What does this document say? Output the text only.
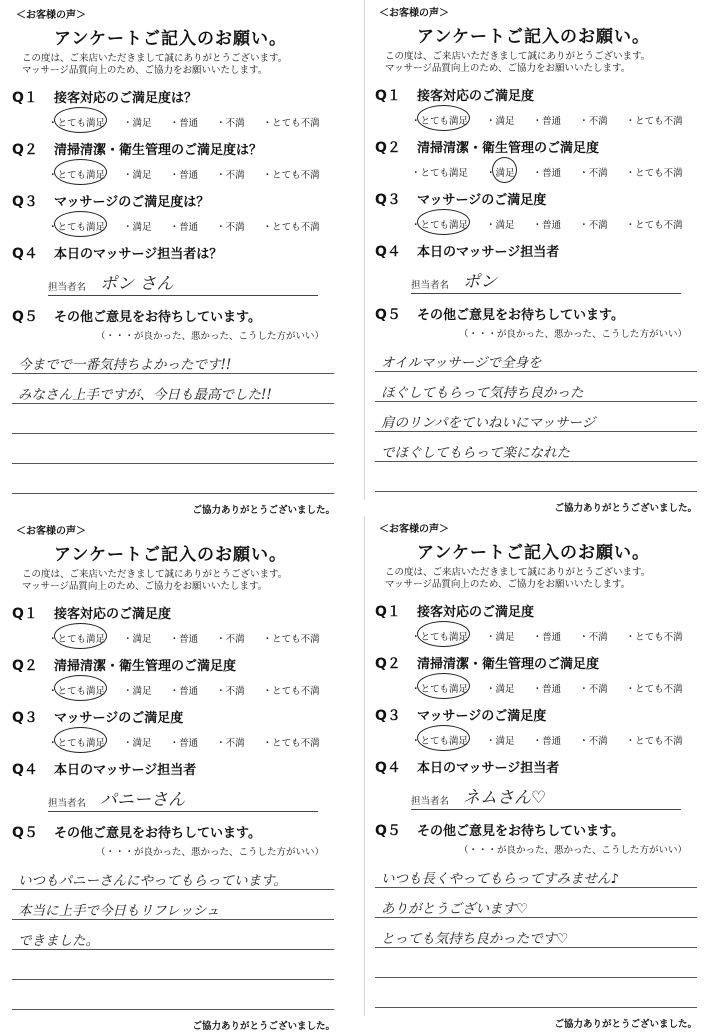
＜お客様の声＞
アンケートご記入のお願い。
この度は、ご来店いただきまして誠にありがとうございます。
マッサージ品質向上のため、ご協力をお願いいたします。
Q１	接客対応のご満足度は？
・ とても満足	・ 満足	・ 普通	・ 不満	・ とても不満
Q２	清掃清潔・衛生管理のご満足度は？
・ とても満足	・ 満足	・ 普通	・ 不満	・ とても不満
Q３	マッサージのご満足度は？
・ とても満足	・ 満足	・ 普通	・ 不満	・ とても不満
Q４	本日のマッサージ担当者は？
担当者名 ポン さん
Q５	その他ご意見をお待ちしています。
（・・・が良かった、悪かった、こうした方がいい）
今までで一番気持ちよかったです!!
みなさん上手ですが、今日も最高でした!!
ご協力ありがとうございました。
＜お客様の声＞
アンケートご記入のお願い。
この度は、ご来店いただきまして誠にありがとうございます。
マッサージ品質向上のため、ご協力をお願いいたします。
Q１	接客対応のご満足度
・ とても満足	・ 満足	・ 普通	・ 不満	・ とても不満
Q２	清掃清潔・衛生管理のご満足度
・ とても満足	・ 満足	・ 普通	・ 不満	・ とても不満
Q３	マッサージのご満足度
・ とても満足	・ 満足	・ 普通	・ 不満	・ とても不満
Q４	本日のマッサージ担当者
担当者名 ポン
Q５	その他ご意見をお待ちしています。
（・・・が良かった、悪かった、こうした方がいい）
オイルマッサージで全身を
ほぐしてもらって気持ち良かった
肩のリンパをていねいにマッサージ
でほぐしてもらって楽になれた
ご協力ありがとうございました。
＜お客様の声＞
アンケートご記入のお願い。
この度は、ご来店いただきまして誠にありがとうございます。
マッサージ品質向上のため、ご協力をお願いいたします。
Q１	接客対応のご満足度
・ とても満足	・ 満足	・ 普通	・ 不満	・ とても不満
Q２	清掃清潔・衛生管理のご満足度
・ とても満足	・ 満足	・ 普通	・ 不満	・ とても不満
Q３	マッサージのご満足度
・ とても満足	・ 満足	・ 普通	・ 不満	・ とても不満
Q４	本日のマッサージ担当者
担当者名 パニーさん
Q５	その他ご意見をお待ちしています。
（・・・が良かった、悪かった、こうした方がいい）
いつもパニーさんにやってもらっています。
本当に上手で今日もリフレッシュ
できました。
ご協力ありがとうございました。
＜お客様の声＞
アンケートご記入のお願い。
この度は、ご来店いただきまして誠にありがとうございます。
マッサージ品質向上のため、ご協力をお願いいたします。
Q１	接客対応のご満足度
・ とても満足	・ 満足	・ 普通	・ 不満	・ とても不満
Q２	清掃清潔・衛生管理のご満足度
・ とても満足	・ 満足	・ 普通	・ 不満	・ とても不満
Q３	マッサージのご満足度
・ とても満足	・ 満足	・ 普通	・ 不満	・ とても不満
Q４	本日のマッサージ担当者
担当者名 ネムさん♡
Q５	その他ご意見をお待ちしています。
（・・・が良かった、悪かった、こうした方がいい）
いつも長くやってもらってすみません♪
ありがとうございます♡
とっても気持ち良かったです♡
ご協力ありがとうございました。
